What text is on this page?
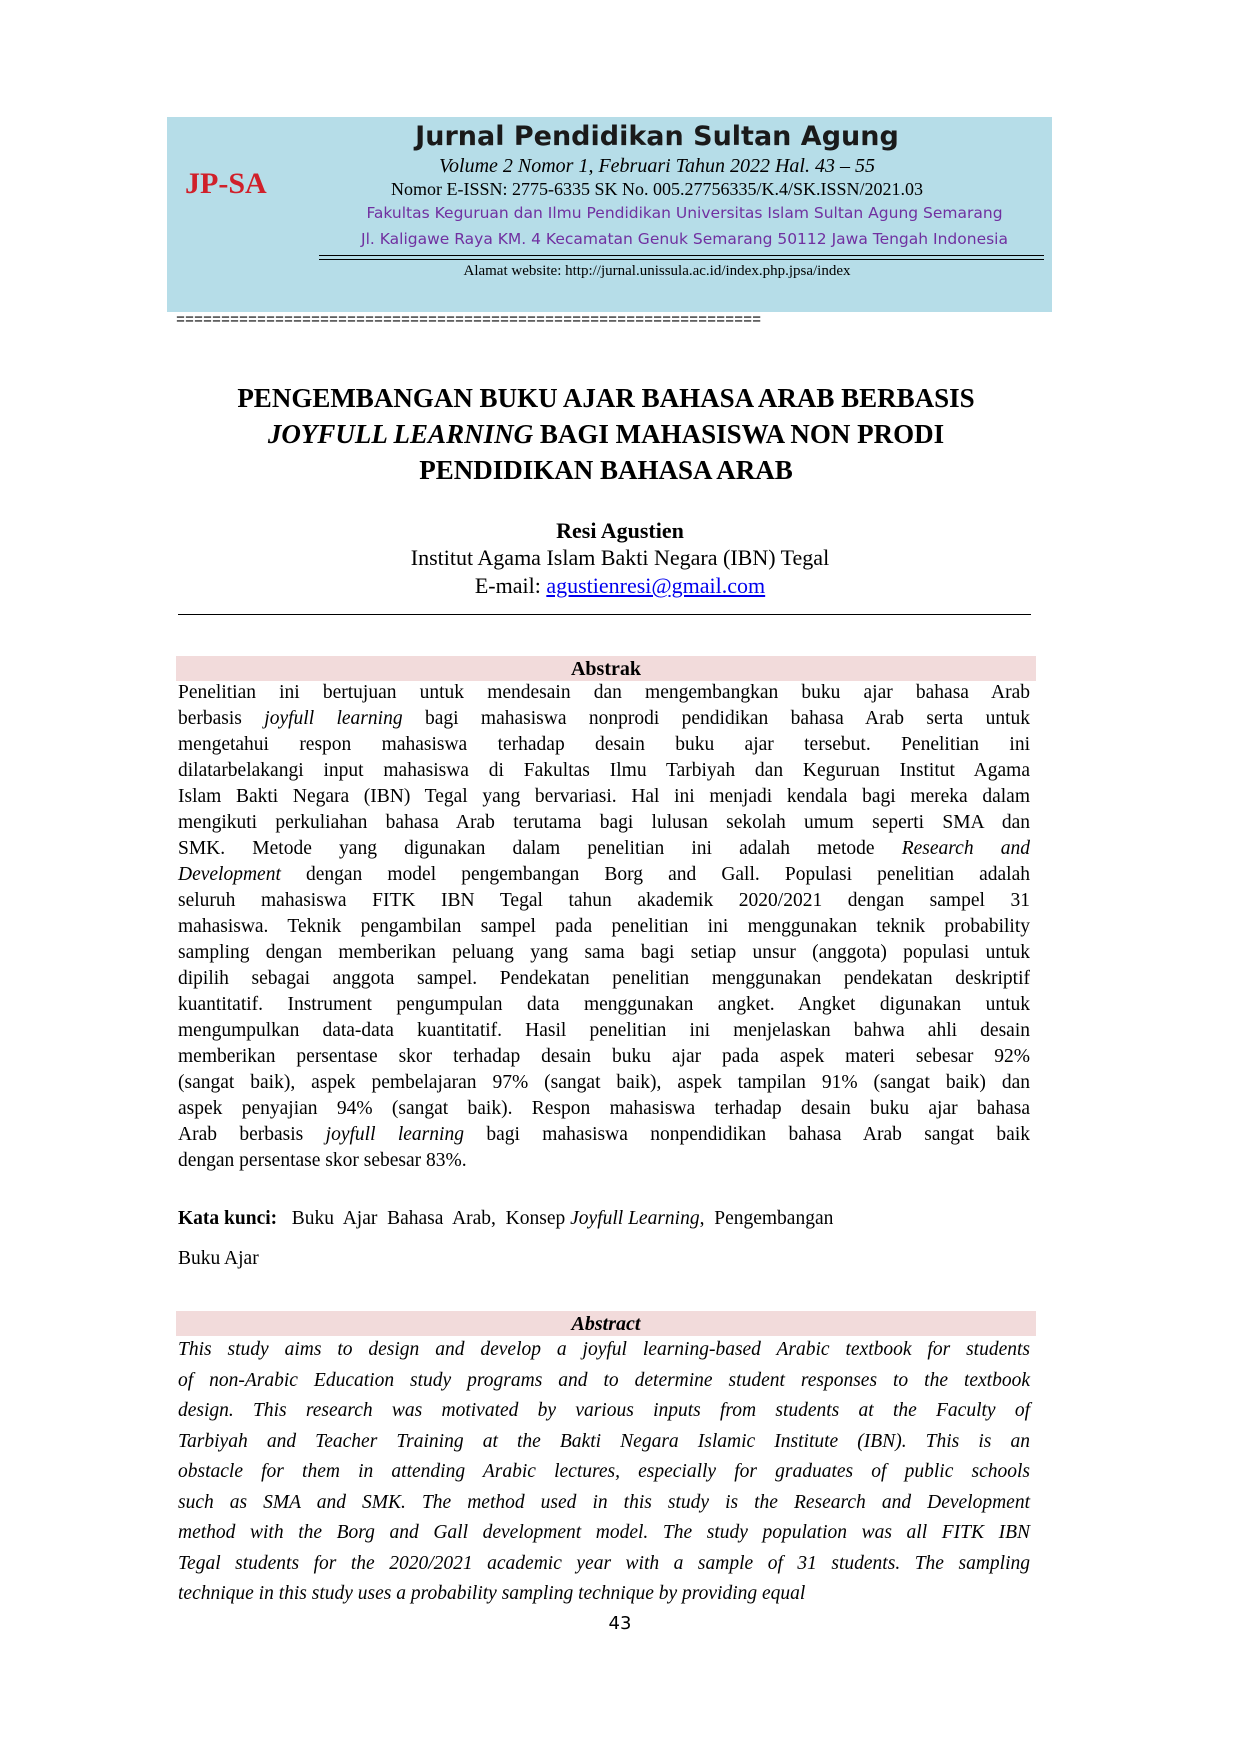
JP-SA
Jurnal Pendidikan Sultan Agung
Volume 2 Nomor 1, Februari Tahun 2022 Hal. 43 – 55
Nomor E-ISSN: 2775-6335 SK No. 005.27756335/K.4/SK.ISSN/2021.03
Fakultas Keguruan dan Ilmu Pendidikan Universitas Islam Sultan Agung Semarang
Jl. Kaligawe Raya KM. 4 Kecamatan Genuk Semarang 50112 Jawa Tengah Indonesia
Alamat website: http://jurnal.unissula.ac.id/index.php.jpsa/index
=================================================================
PENGEMBANGAN BUKU AJAR BAHASA ARAB BERBASIS
JOYFULL LEARNING BAGI MAHASISWA NON PRODI
PENDIDIKAN BAHASA ARAB
Resi Agustien
Institut Agama Islam Bakti Negara (IBN) Tegal
E-mail: agustienresi@gmail.com
Abstrak
Penelitian ini bertujuan untuk mendesain dan mengembangkan buku ajar bahasa Arab
berbasis joyfull learning bagi mahasiswa nonprodi pendidikan bahasa Arab serta untuk
mengetahui respon mahasiswa terhadap desain buku ajar tersebut. Penelitian ini
dilatarbelakangi input mahasiswa di Fakultas Ilmu Tarbiyah dan Keguruan Institut Agama
Islam Bakti Negara (IBN) Tegal yang bervariasi. Hal ini menjadi kendala bagi mereka dalam
mengikuti perkuliahan bahasa Arab terutama bagi lulusan sekolah umum seperti SMA dan
SMK. Metode yang digunakan dalam penelitian ini adalah metode Research and
Development dengan model pengembangan Borg and Gall. Populasi penelitian adalah
seluruh mahasiswa FITK IBN Tegal tahun akademik 2020/2021 dengan sampel 31
mahasiswa. Teknik pengambilan sampel pada penelitian ini menggunakan teknik probability
sampling dengan memberikan peluang yang sama bagi setiap unsur (anggota) populasi untuk
dipilih sebagai anggota sampel. Pendekatan penelitian menggunakan pendekatan deskriptif
kuantitatif. Instrument pengumpulan data menggunakan angket. Angket digunakan untuk
mengumpulkan data-data kuantitatif. Hasil penelitian ini menjelaskan bahwa ahli desain
memberikan persentase skor terhadap desain buku ajar pada aspek materi sebesar 92%
(sangat baik), aspek pembelajaran 97% (sangat baik), aspek tampilan 91% (sangat baik) dan
aspek penyajian 94% (sangat baik). Respon mahasiswa terhadap desain buku ajar bahasa
Arab berbasis joyfull learning bagi mahasiswa nonpendidikan bahasa Arab sangat baik
dengan persentase skor sebesar 83%.
Kata kunci: Buku  Ajar  Bahasa  Arab,  Konsep Joyfull Learning,  Pengembangan
Buku Ajar
Abstract
This study aims to design and develop a joyful learning-based Arabic textbook for students
of non-Arabic Education study programs and to determine student responses to the textbook
design. This research was motivated by various inputs from students at the Faculty of
Tarbiyah and Teacher Training at the Bakti Negara Islamic Institute (IBN). This is an
obstacle for them in attending Arabic lectures, especially for graduates of public schools
such as SMA and SMK. The method used in this study is the Research and Development
method with the Borg and Gall development model. The study population was all FITK IBN
Tegal students for the 2020/2021 academic year with a sample of 31 students. The sampling
technique in this study uses a probability sampling technique by providing equal
43
